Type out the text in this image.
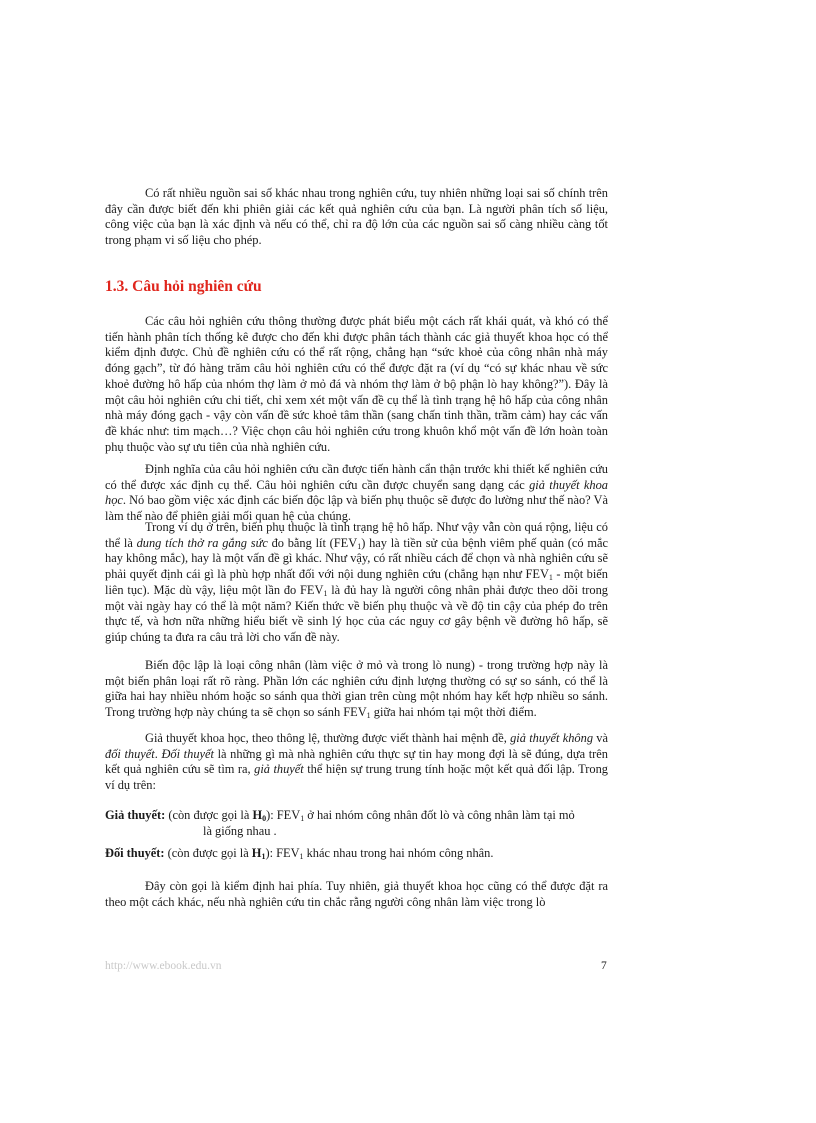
Có rất nhiều nguồn sai số khác nhau trong nghiên cứu, tuy nhiên những loại sai số chính trên đây cần được biết đến khi phiên giải các kết quả nghiên cứu của bạn. Là người phân tích số liệu, công việc của bạn là xác định và nếu có thể, chỉ ra độ lớn của các nguồn sai số càng nhiều càng tốt trong phạm vi số liệu cho phép.

1.3. Câu hỏi nghiên cứu

Các câu hỏi nghiên cứu thông thường được phát biểu một cách rất khái quát, và khó có thể tiến hành phân tích thống kê được cho đến khi được phân tách thành các giả thuyết khoa học có thể kiểm định được. Chủ đề nghiên cứu có thể rất rộng, chẳng hạn “sức khoẻ của công nhân nhà máy đóng gạch”, từ đó hàng trăm câu hỏi nghiên cứu có thể được đặt ra (ví dụ “có sự khác nhau về sức khoẻ đường hô hấp của nhóm thợ làm ở mỏ đá và nhóm thợ làm ở bộ phận lò hay không?”). Đây là một câu hỏi nghiên cứu chi tiết, chỉ xem xét một vấn đề cụ thể là tình trạng hệ hô hấp của công nhân nhà máy đóng gạch - vậy còn vấn đề sức khoẻ tâm thần (sang chấn tinh thần, trầm cảm) hay các vấn đề khác như: tim mạch…? Việc chọn câu hỏi nghiên cứu trong khuôn khổ một vấn đề lớn hoàn toàn phụ thuộc vào sự ưu tiên của nhà nghiên cứu.

Định nghĩa của câu hỏi nghiên cứu cần được tiến hành cẩn thận trước khi thiết kế nghiên cứu có thể được xác định cụ thể. Câu hỏi nghiên cứu cần được chuyển sang dạng các giả thuyết khoa học. Nó bao gồm việc xác định các biến độc lập và biến phụ thuộc sẽ được đo lường như thế nào? Và làm thế nào để phiên giải mối quan hệ của chúng.

Trong ví dụ ở trên, biến phụ thuộc là tình trạng hệ hô hấp. Như vậy vẫn còn quá rộng, liệu có thể là dung tích thở ra gắng sức đo bằng lít $(FEV_1)$ hay là tiền sử của bệnh viêm phế quản (có mắc hay không mắc), hay là một vấn đề gì khác. Như vậy, có rất nhiều cách để chọn và nhà nghiên cứu sẽ phải quyết định cái gì là phù hợp nhất đối với nội dung nghiên cứu (chẳng hạn như $FEV_1$ - một biến liên tục). Mặc dù vậy, liệu một lần đo $FEV_1$ là đủ hay là người công nhân phải được theo dõi trong một vài ngày hay có thể là một năm? Kiến thức về biến phụ thuộc và về độ tin cậy của phép đo trên thực tế, và hơn nữa những hiểu biết về sinh lý học của các nguy cơ gây bệnh về đường hô hấp, sẽ giúp chúng ta đưa ra câu trả lời cho vấn đề này.

Biến độc lập là loại công nhân (làm việc ở mỏ và trong lò nung) - trong trường hợp này là một biến phân loại rất rõ ràng. Phần lớn các nghiên cứu định lượng thường có sự so sánh, có thể là giữa hai hay nhiều nhóm hoặc so sánh qua thời gian trên cùng một nhóm hay kết hợp nhiều so sánh. Trong trường hợp này chúng ta sẽ chọn so sánh $FEV_1$ giữa hai nhóm tại một thời điểm.

Giả thuyết khoa học, theo thông lệ, thường được viết thành hai mệnh đề, giả thuyết không và đối thuyết. Đối thuyết là những gì mà nhà nghiên cứu thực sự tin hay mong đợi là sẽ đúng, dựa trên kết quả nghiên cứu sẽ tìm ra, giả thuyết thể hiện sự trung trung tính hoặc một kết quả đối lập. Trong ví dụ trên:

Giả thuyết: (còn được gọi là $H_0$): $FEV_1$ ở hai nhóm công nhân đốt lò và công nhân làm tại mỏ
là giống nhau .

Đối thuyết: (còn được gọi là $H_1$): $FEV_1$ khác nhau trong hai nhóm công nhân.

Đây còn gọi là kiểm định hai phía. Tuy nhiên, giả thuyết khoa học cũng có thể được đặt ra theo một cách khác, nếu nhà nghiên cứu tin chắc rằng người công nhân làm việc trong lò

http://www.ebook.edu.vn	7
